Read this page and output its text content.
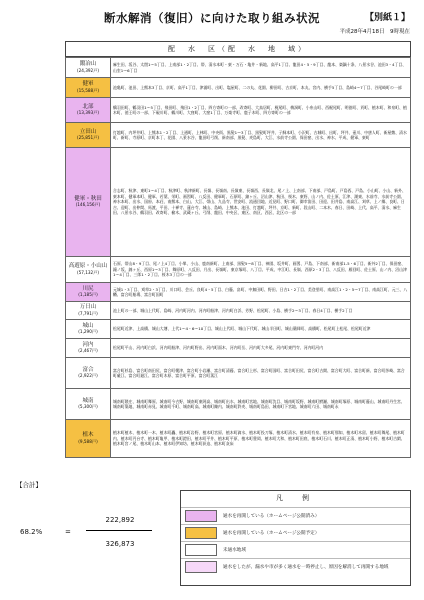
断水解消（復旧）に向けた取り組み状況	【別紙１】
平成28年4月18日　9時現在
配　水　区（配　水　地　域）
鍛冶山
(24,392戸)	麻生田、坂谷、太閤1～5丁目、上南部1・2丁目、帯、清水本町・東・万石・亀井・新地、高平1丁目、龍田4・5・9丁目、龍本、楽鍋十条、八景水谷、池田3・4丁目、山室1～6丁目
健軍
(15,588戸)	池亀町、池田、上熊本3丁目、京町、高平1丁目、津浦町、出町、塩屋町、二の丸、花園、柳田町、古京町、本丸、宮内、横手5丁目、島崎4～7丁目、谷尾崎町の一部
北部
(13,393戸)	鶴羽田町、鶴羽田1～5丁目、飛田町、飛田1・2丁目、四方寄町の一部、改寄町、大鳥居町、梶尾町、梅洞町、小糸山町、西梶尾町、明徳町、貢町、植木町、和泉町、植木町、徳王町の一部、下硯川町、鶴川町、大窪町、大窪1丁目、万楽寺町、鹿子木町、四方寄町の一部
立田山
(25,851戸)	打越町、内坪井町、上熊本1・2丁目、上通町、上林町、中央街、黒髪1～3丁目、黒髪町坪井、子飼本町、小沢町、古城町、出町、坪井、壺川、中唐人町、新屋敷、清水町、新町、寺原町、京町本丁、花園、八景水谷、龍田町弓削、新南部、黒髪、麦島町、大江、水前寺公園、保田窪、出水、神水、平成、健軍、東町
健軍・秋田
(146,156戸)	合志町、秋津、東町1～4丁目、秋津町、秋津新町、長嶺、長嶺南、長嶺東、長嶺西、長嶺北、尾ノ上、上南部、下南部、戸島町、戸島西、戸島、小山町、小山、新外、東本町、健軍本町、健軍、若葉、栄町、画図町、八反田、健軍町、石原町、錦ヶ丘、沼山津、秋田、桜木、東野、山ノ内、佐土原、江津、湖東、水前寺、水前寺公園、神水本町、出水、国府、本荘、南熊本、白山、大江、帯山、九品寺、世安町、流通団地、近見町、野口町、御幸笛田、田迎、田井島、南高江、刈草、上ノ郷、良町、日吉、迎町、出仲間、馬渡、平田、十禅寺、蓮台寺、城山、島崎、上熊本、池田、打越町、坪井、京町、新町、段山町、二本木、春日、田崎、上代、高平、清水、麻生田、八景水谷、鶴羽田、改寄町、楡木、武蔵ヶ丘、弓削、龍田、中央区、東区、南区、西区、北区の一部
高遊原・小山山
(57,132戸)	石原、帯山8・9丁目、尾ノ上4丁目、小峯、小山、鹿南新町、上南部、黒髪5～8丁目、神園、坂井町、画図、戸島、下南部、新南部1-5・6丁目、新外2丁目、保田窪、鐘ノ坂、錦ヶ丘、西原1～3丁目、舞原町、八反田、月出、長嶺町、東京塚町、八丁目、平成、中江町、長嶺、西原2・3丁目、八反田、雁回町、佐土原、山ノ内、沼山津1～4丁目、三郎1・2丁目、桜木3丁目の一部
川尻
(1,185戸)	元城1・3丁目、刈草2・3丁目、川口町、会丘、良町4・5丁目、白藤、畠町、中無田町、野田、日吉1・2丁目、美登里町、南高江1・2・5～7丁目、南高江町、元三、八幡、富合町船場、富合町国町
万日山
(7,791戸)	池上町の一部、城山上代町、島崎、河内町河内、河内町船津、河内町白浜、芳野、松尾町、小島、横手2～3丁目、春日4丁目、横手2丁目
城山
(1,290戸)	松尾町近津、上高橋、城山大塘、上代1～4・6～10丁目、城山上代町、城山下代町、城山半田町、城山薬師町、高橋町、松尾町上松尾、松尾町近津
河内
(2,467戸)	松尾町平山、河内町白浜、河内町船津、河内町野出、河内町面木、河内町岳、河内町大多尾、河内町東門寺、河内町河内
富合
(2,922戸)	富合町杉島、富合町南田尻、富合町榎津、富合町小岩瀬、富合町清藤、富合町上杉、富合町国町、富合町田尻、富合町古閑、富合町大町、富合町新、富合町莎崎、富合町硴江、富合町廻江、富合町木原、富合町平原、富合町菰江
城南
(5,300戸)	城南町隈庄、城南町舞原、城南町今吉野、城南町東阿高、城南町出水、城南町宮地、城南町沈目、城南町坂野、城南町鰐瀬、城南町塚原、城南町藤山、城南町丹生宮、城南町築地、城南町赤見、城南町千町、城南町高、城南町陳内、城南町鈴麦、城南町島田、城南町下宮地、城南町六田、城南町永
植木
(9,588戸)	植木町植木、植木町一木、植木町轟、植木町岩野、植木町宮原、植木町滴水、植木町投刀塚、植木町清水、植木町有泉、植木町那知、植木町木留、植木町舞尾、植木町内、植木町円台寺、植木町亀甲、植木町鐙田、植木町平井、植木町平原、植木町豊岡、植木町大和、植木町田底、植木町石川、植木町正清、植木町小野、植木町古閑、植木町宮ノ尾、植木町山本、植木町伊知坊、植木町荻迫、植木町灰床
【合計】
68.2%	=
222,892
326,873
凡　例
通水を再開している（ホームページ公開済み）
通水を再開している（ホームページ公開予定）
未通水地域
通水をしたが、漏水や市が多く通水を一時停止し、原因を解消して再開する地域
